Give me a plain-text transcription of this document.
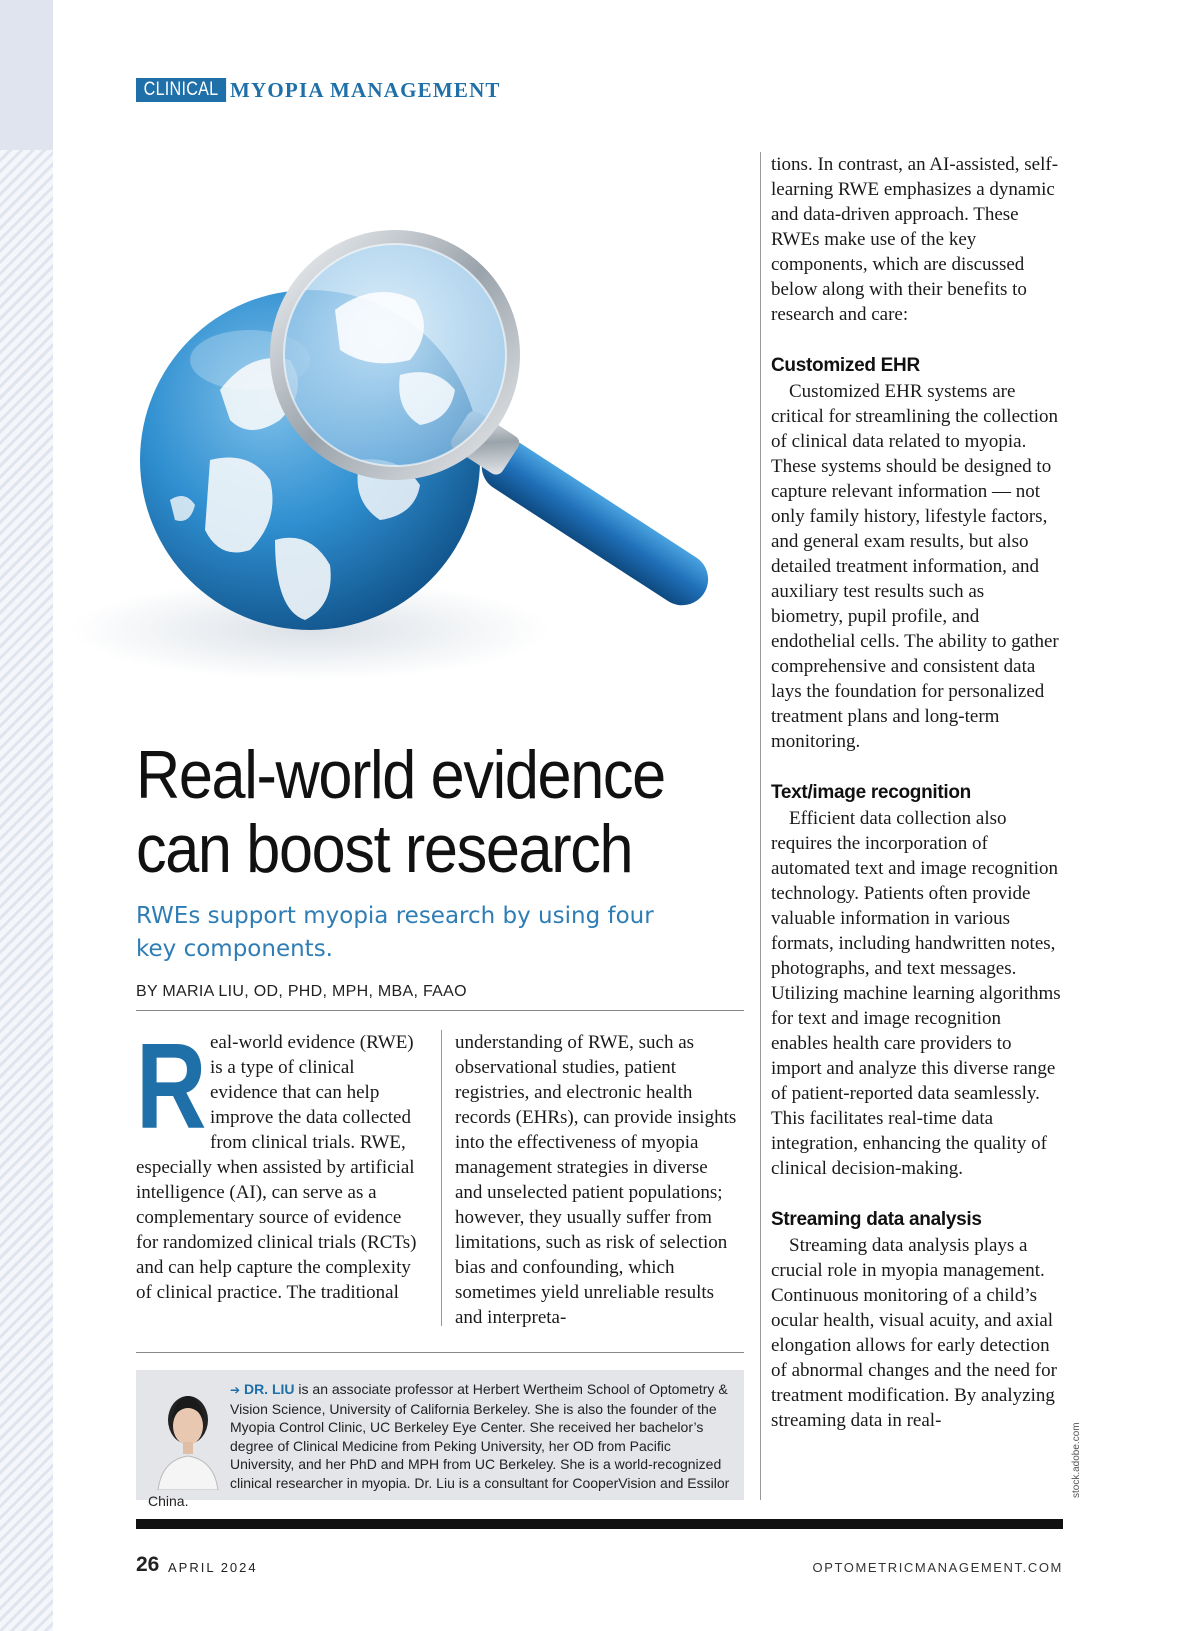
CLINICAL MYOPIA MANAGEMENT
Real-world evidence
can boost research
RWEs support myopia research by using four key components.
BY MARIA LIU, OD, PHD, MPH, MBA, FAAO
R eal-world evidence (RWE) is a type of clinical evidence that can help improve the data collected from clinical trials. RWE, especially when assisted by artificial intelligence (AI), can serve as a complementary source of evidence for randomized clinical trials (RCTs) and can help capture the complexity of clinical practice. The traditional

understanding of RWE, such as observational studies, patient registries, and electronic health records (EHRs), can provide insights into the effectiveness of myopia management strategies in diverse and unselected patient populations; however, they usually suffer from limitations, such as risk of selection bias and confounding, which sometimes yield unreliable results and interpreta-

➔ DR. LIU is an associate professor at Herbert Wertheim School of Optometry & Vision Science, University of California Berkeley. She is also the founder of the Myopia Control Clinic, UC Berkeley Eye Center. She received her bachelor’s degree of Clinical Medicine from Peking University, her OD from Pacific University, and her PhD and MPH from UC Berkeley. She is a world-recognized clinical researcher in myopia. Dr. Liu is a consultant for CooperVision and Essilor China.

tions. In contrast, an AI-assisted, self-learning RWE emphasizes a dynamic and data-driven approach. These RWEs make use of the key components, which are discussed below along with their benefits to research and care:

Customized EHR

Customized EHR systems are critical for streamlining the collection of clinical data related to myopia. These systems should be designed to capture relevant information — not only family history, lifestyle factors, and general exam results, but also detailed treatment information, and auxiliary test results such as biometry, pupil profile, and endothelial cells. The ability to gather comprehensive and consistent data lays the foundation for personalized treatment plans and long-term monitoring.

Text/image recognition

Efficient data collection also requires the incorporation of automated text and image recognition technology. Patients often provide valuable information in various formats, including handwritten notes, photographs, and text messages. Utilizing machine learning algorithms for text and image recognition enables health care providers to import and analyze this diverse range of patient-reported data seamlessly. This facilitates real-time data integration, enhancing the quality of clinical decision-making.

Streaming data analysis

Streaming data analysis plays a crucial role in myopia management. Continuous monitoring of a child’s ocular health, visual acuity, and axial elongation allows for early detection of abnormal changes and the need for treatment modification. By analyzing streaming data in real-

stock.adobe.com
26 APRIL 2024	OPTOMETRICMANAGEMENT.COM
